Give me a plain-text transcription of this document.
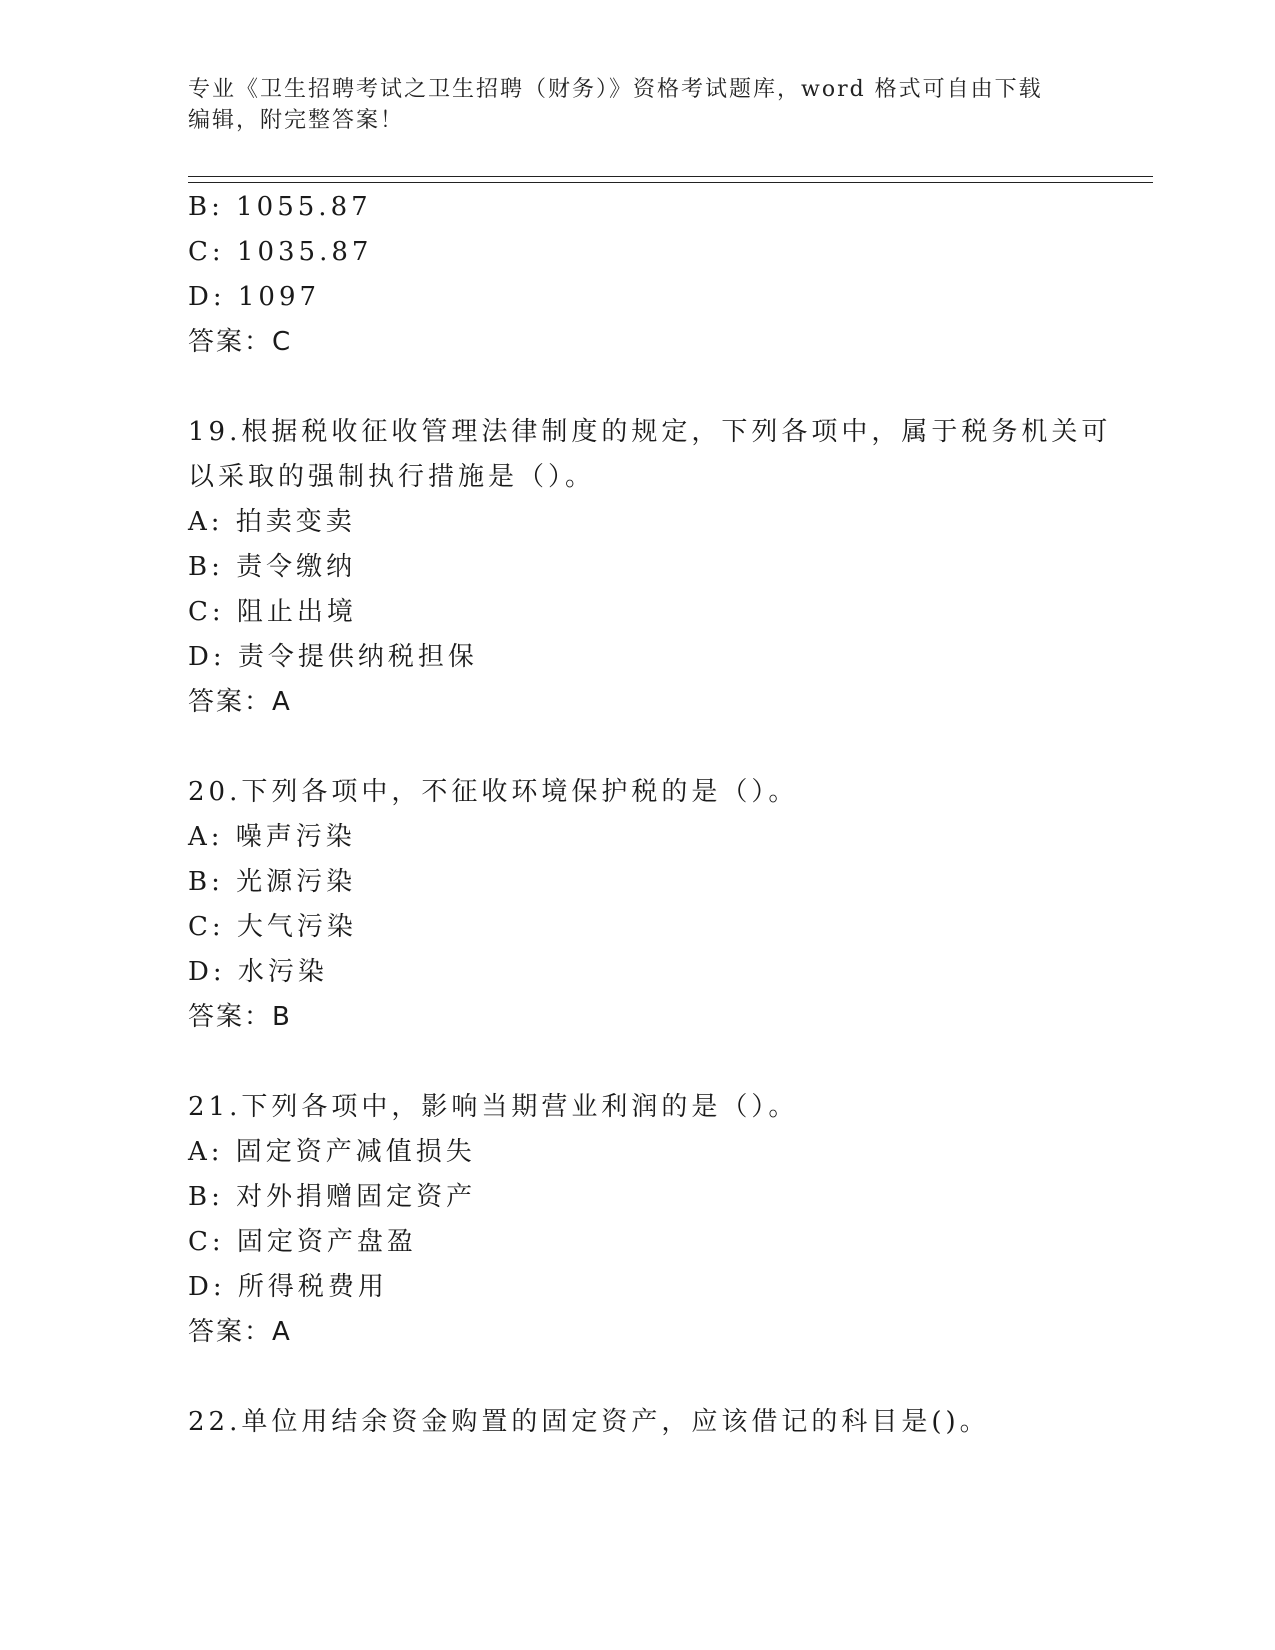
专业《卫生招聘考试之卫生招聘（财务）》资格考试题库，word 格式可自由下载
编辑，附完整答案！
B: 1055.87
C: 1035.87
D: 1097
答案：C
19.根据税收征收管理法律制度的规定，下列各项中，属于税务机关可
以采取的强制执行措施是（）。
A: 拍卖变卖
B: 责令缴纳
C: 阻止出境
D: 责令提供纳税担保
答案：A
20.下列各项中，不征收环境保护税的是（）。
A: 噪声污染
B: 光源污染
C: 大气污染
D: 水污染
答案：B
21.下列各项中，影响当期营业利润的是（）。
A: 固定资产减值损失
B: 对外捐赠固定资产
C: 固定资产盘盈
D: 所得税费用
答案：A
22.单位用结余资金购置的固定资产，应该借记的科目是()。
